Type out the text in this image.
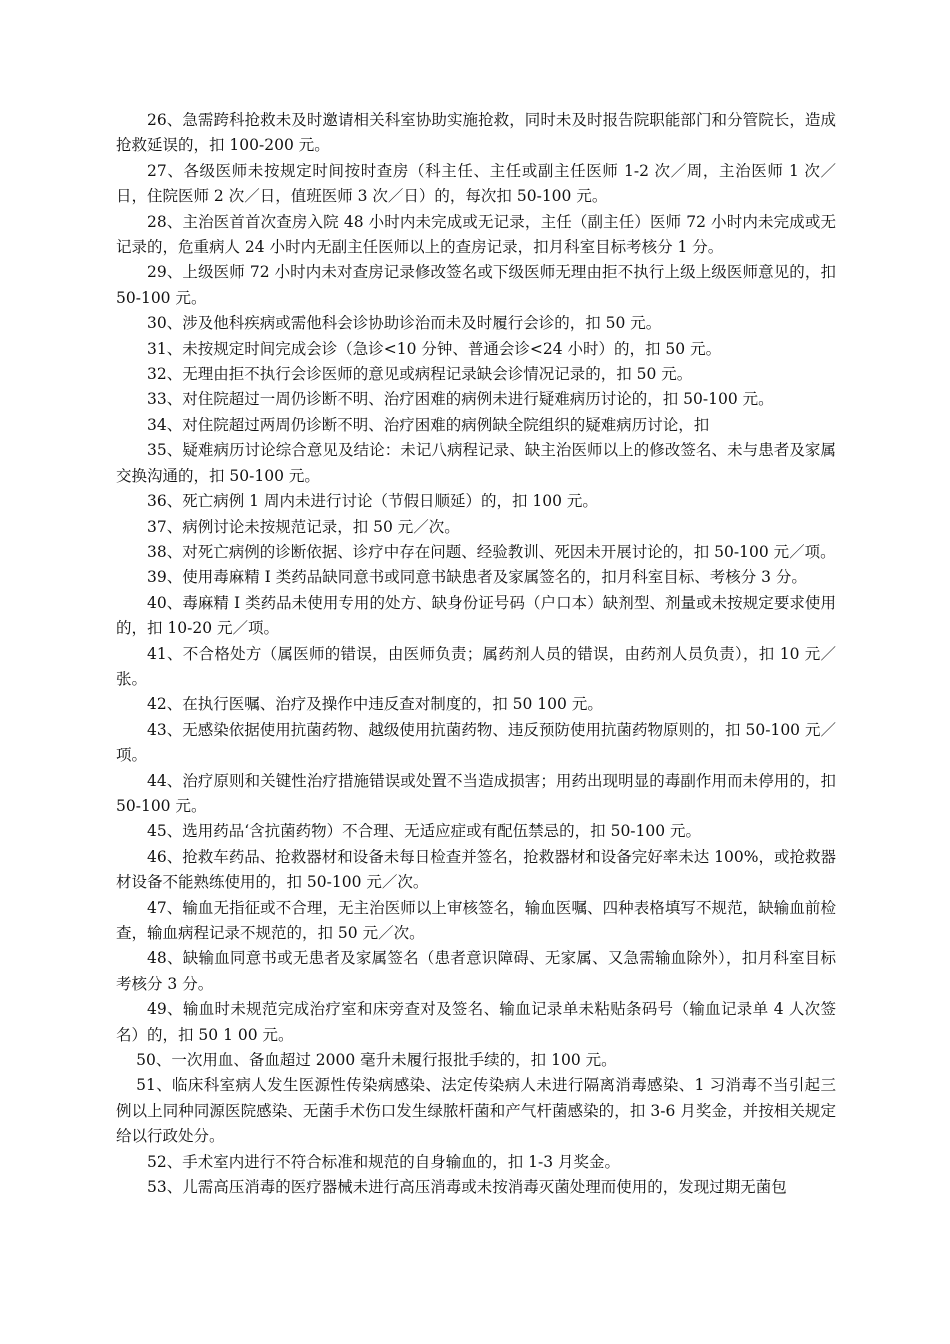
26、急需跨科抢救未及时邀请相关科室协助实施抢救，同时未及时报告院职能部门和分管院长，造成抢救延误的，扣 100-200 元。

27、各级医师未按规定时间按时查房（科主任、主任或副主任医师 1-2 次／周，主治医师 1 次／日，住院医师 2 次／日，值班医师 3 次／日）的，每次扣 50-100 元。

28、主治医首首次查房入院 48 小时内未完成或无记录，主任（副主任）医师 72 小时内未完成或无记录的，危重病人 24 小时内无副主任医师以上的查房记录，扣月科室目标考核分 1 分。

29、上级医师 72 小时内未对查房记录修改签名或下级医师无理由拒不执行上级上级医师意见的，扣 50-100 元。

30、涉及他科疾病或需他科会诊协助诊治而未及时履行会诊的，扣 50 元。

31、未按规定时间完成会诊（急诊<10 分钟、普通会诊<24 小时）的，扣 50 元。

32、无理由拒不执行会诊医师的意见或病程记录缺会诊情况记录的，扣 50 元。

33、对住院超过一周仍诊断不明、治疗困难的病例未进行疑难病历讨论的，扣 50-100 元。

34、对住院超过两周仍诊断不明、治疗困难的病例缺全院组织的疑难病历讨论，扣

35、疑难病历讨论综合意见及结论：未记八病程记录、缺主治医师以上的修改签名、未与患者及家属交换沟通的，扣 50-100 元。

36、死亡病例 1 周内未进行讨论（节假日顺延）的，扣 100 元。

37、病例讨论未按规范记录，扣 50 元／次。

38、对死亡病例的诊断依据、诊疗中存在问题、经验教训、死因未开展讨论的，扣 50-100 元／项。

39、使用毒麻精 I 类药品缺同意书或同意书缺患者及家属签名的，扣月科室目标、考核分 3 分。

40、毒麻精 I 类药品未使用专用的处方、缺身份证号码（户口本）缺剂型、剂量或未按规定要求使用的，扣 10-20 元／项。

41、不合格处方（属医师的错误，由医师负责；属药剂人员的错误，由药剂人员负责），扣 10 元／张。

42、在执行医嘱、治疗及操作中违反查对制度的，扣 50 100 元。

43、无感染依据使用抗菌药物、越级使用抗菌药物、违反预防使用抗菌药物原则的，扣 50-100 元／项。

44、治疗原则和关键性治疗措施错误或处置不当造成损害；用药出现明显的毒副作用而未停用的，扣 50-100 元。

45、选用药品‘含抗菌药物）不合理、无适应症或有配伍禁忌的，扣 50-100 元。

46、抢救车药品、抢救器材和设备未每日检查并签名，抢救器材和设备完好率未达 100%，或抢救器材设备不能熟练使用的，扣 50-100 元／次。

47、输血无指征或不合理，无主治医师以上审核签名，输血医嘱、四种表格填写不规范，缺输血前检查，输血病程记录不规范的，扣 50 元／次。

48、缺输血同意书或无患者及家属签名（患者意识障碍、无家属、又急需输血除外），扣月科室目标考核分 3 分。

49、输血时未规范完成治疗室和床旁查对及签名、输血记录单未粘贴条码号（输血记录单 4 人次签名）的，扣 50 1 00 元。

50、一次用血、备血超过 2000 毫升未履行报批手续的，扣 100 元。

51、临床科室病人发生医源性传染病感染、法定传染病人未进行隔离消毒感染、1 习消毒不当引起三例以上同种同源医院感染、无菌手术伤口发生绿脓杆菌和产气杆菌感染的，扣 3-6 月奖金，并按相关规定给以行政处分。

52、手术室内进行不符合标准和规范的自身输血的，扣 1-3 月奖金。

53、儿需高压消毒的医疗器械未进行高压消毒或未按消毒灭菌处理而使用的，发现过期无菌包
